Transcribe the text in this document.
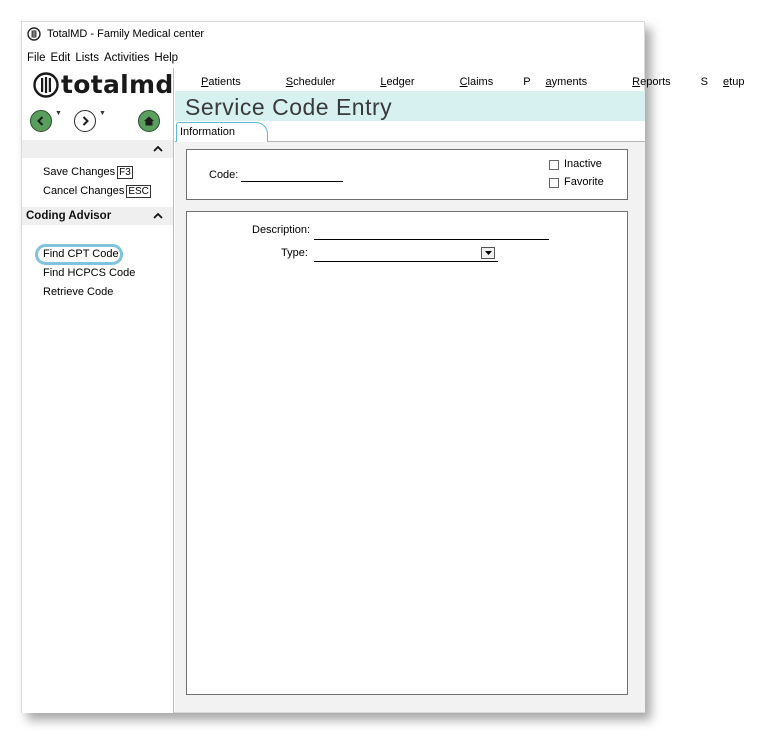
TotalMD - Family Medical center
File Edit Lists Activities Help
totalmd
▼	▼
Save Changes F3
Cancel Changes ESC
Coding Advisor
Find CPT Code
Find HCPCS Code
Retrieve Code
Patients	Scheduler	Ledger	Claims	P ayments	Reports	S etup
Service Code Entry
Information
Code:
Inactive
Favorite
Description:
Type:
